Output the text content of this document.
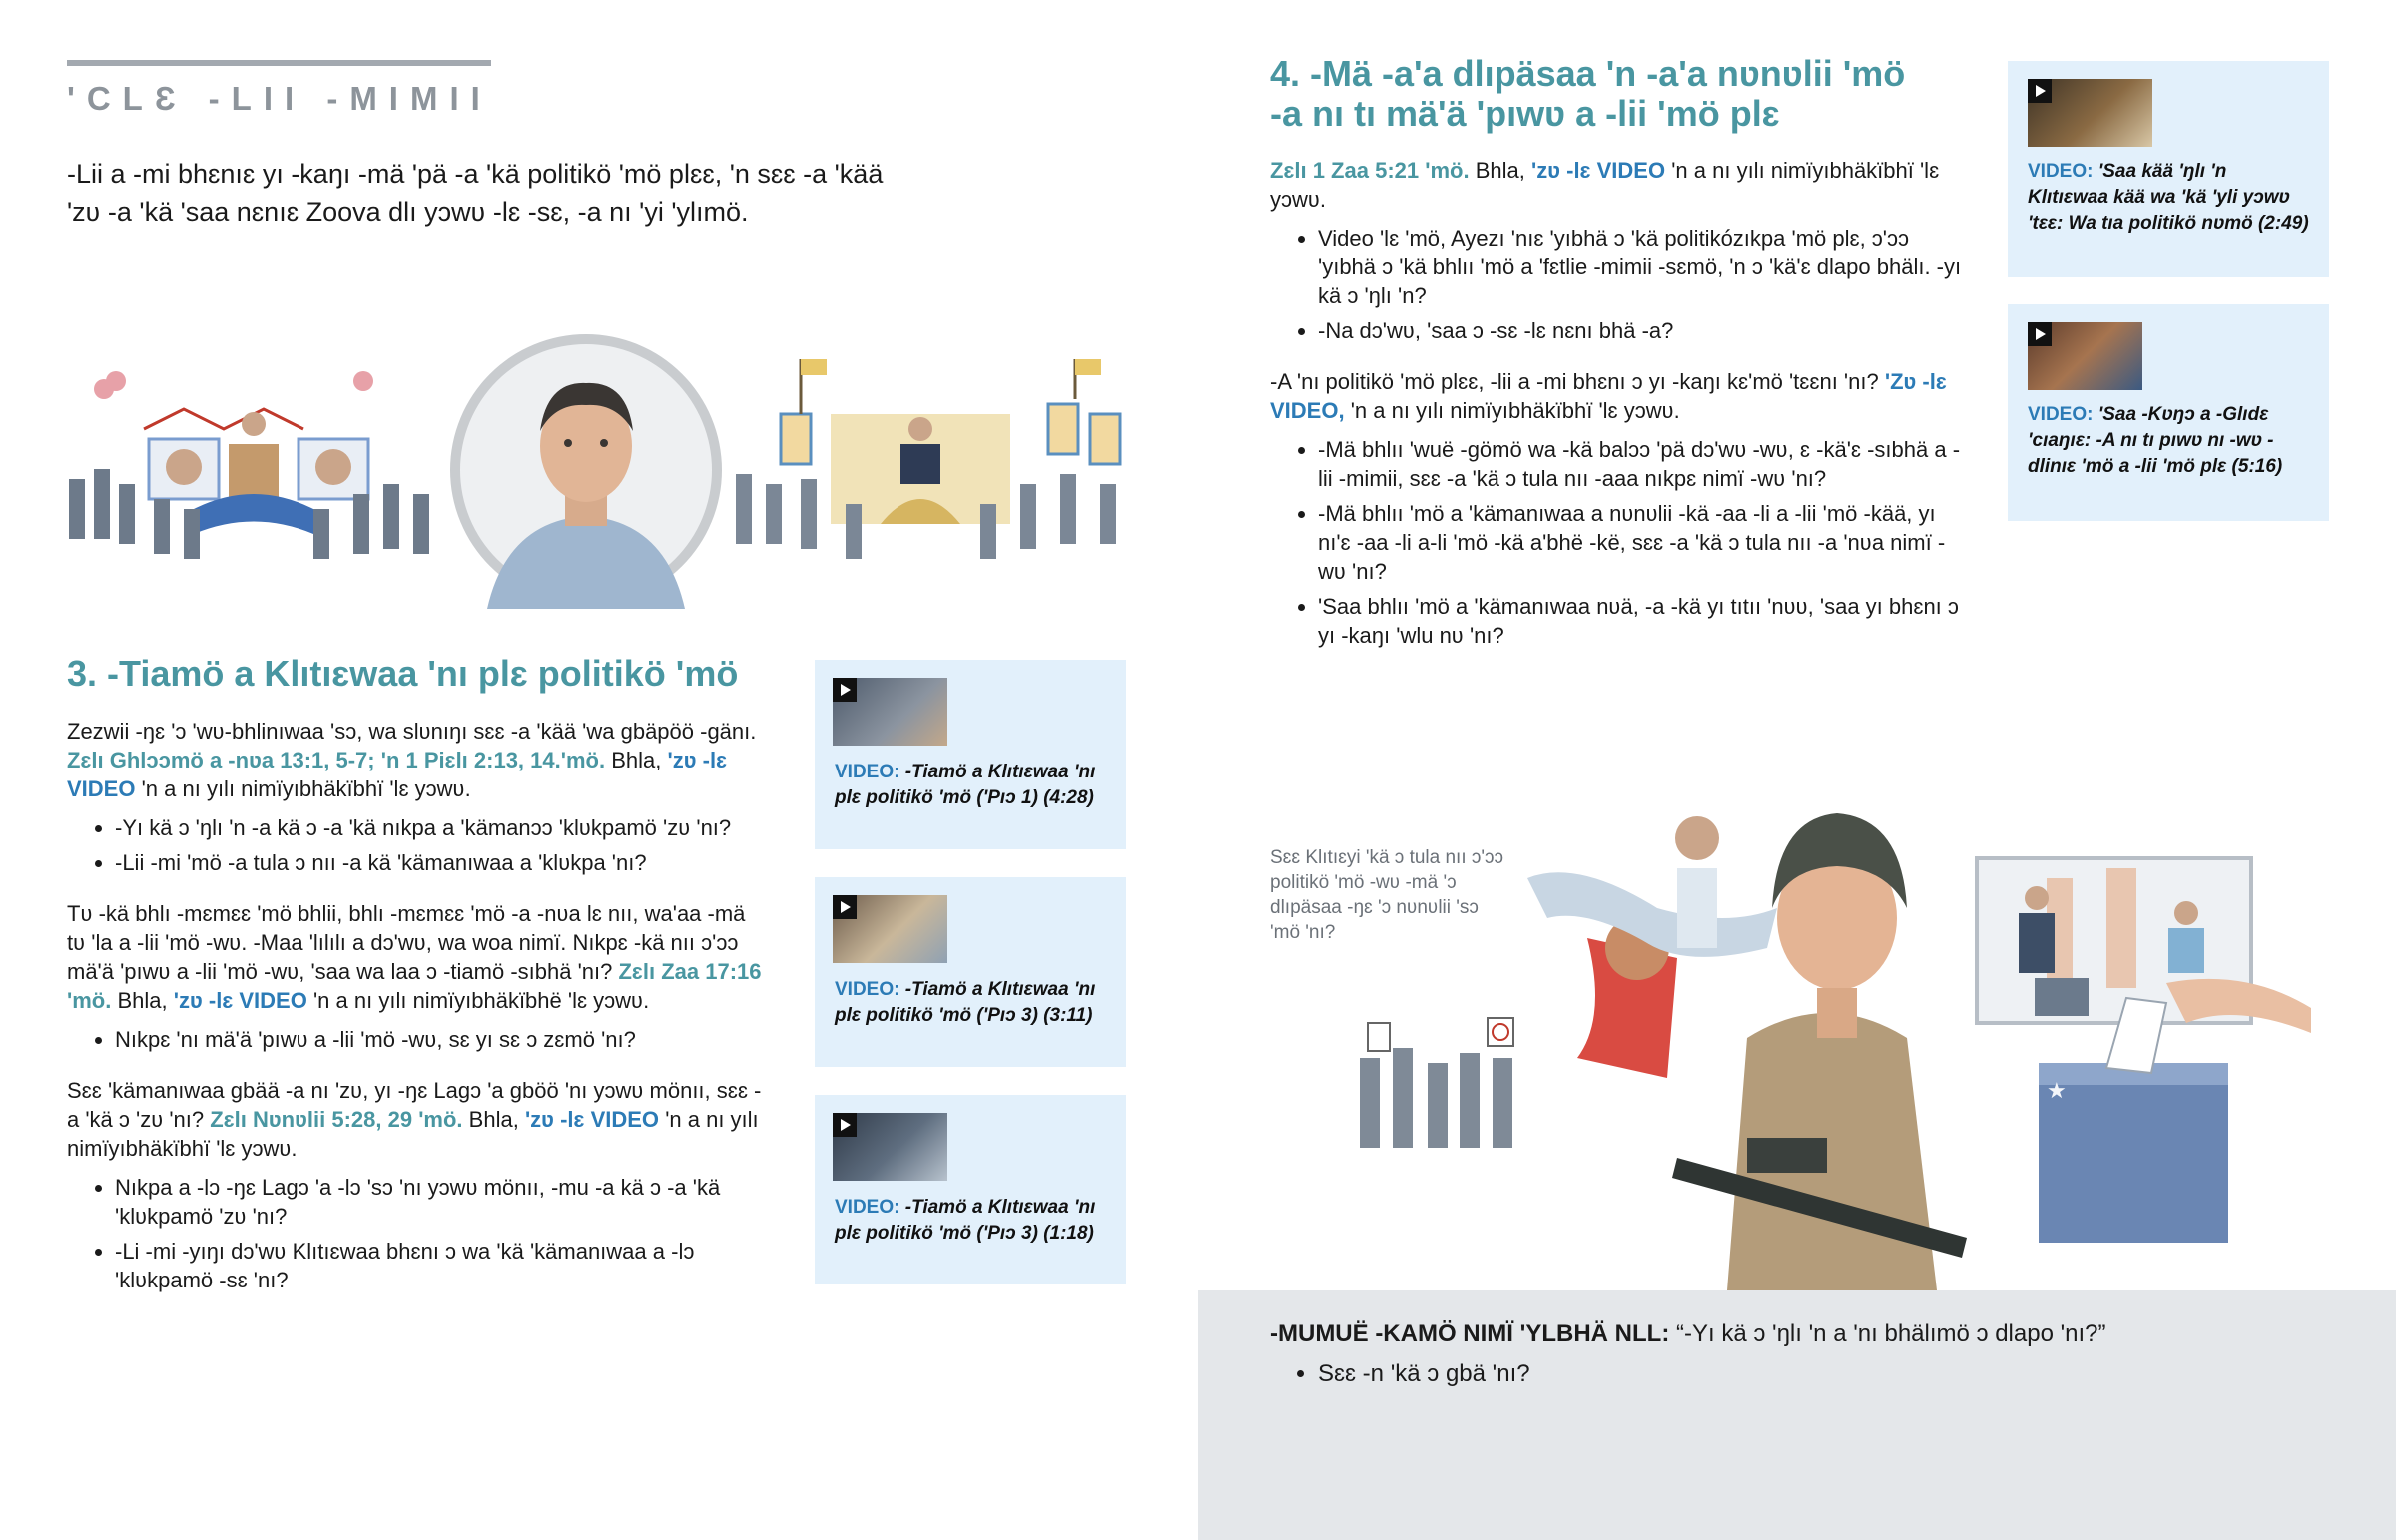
'CLƐ -LII -MIMII
-Lii a -mi bhɛnıɛ yı -kaŋı -mä 'pä -a 'kä politikö 'mö plɛɛ, 'n sɛɛ -a 'kää 'zʋ -a 'kä 'saa nɛnıɛ Zoova dlı yɔwʋ -lɛ -sɛ, -a nı 'yi 'ylımö.
3. -Tiamö a Klıtıɛwaa 'nı plɛ politikö 'mö
Zezwii -ŋɛ 'ɔ 'wʋ-bhlinıwaa 'sɔ, wa slʋnıŋı sɛɛ -a 'kää 'wa gbäpöö -gänı. Zɛlı Ghlɔɔmö a -nʋa 13:1, 5-7; 'n 1 Piɛlı 2:13, 14.'mö. Bhla, 'zʋ -lɛ VIDEO 'n a nı yılı nimïyıbhäkïbhï 'lɛ yɔwʋ.
• -Yı kä ɔ 'ŋlı 'n -a kä ɔ -a 'kä nıkpa a 'kämanɔɔ 'klʋkpamö 'zʋ 'nı?
• -Lii -mi 'mö -a tula ɔ nıı -a kä 'kämanıwaa a 'klʋkpa 'nı?
Tʋ -kä bhlı -mɛmɛɛ 'mö bhlii, bhlı -mɛmɛɛ 'mö -a -nʋa lɛ nıı, wa'aa -mä tʋ 'la a -lii 'mö -wʋ. -Maa 'lılılı a dɔ'wʋ, wa woa nimï. Nıkpɛ -kä nıı ɔ'ɔɔ mä'ä 'pıwʋ a -lii 'mö -wʋ, 'saa wa laa ɔ -tiamö -sıbhä 'nı? Zɛlı Zaa 17:16 'mö. Bhla, 'zʋ -lɛ VIDEO 'n a nı yılı nimïyıbhäkïbhë 'lɛ yɔwʋ.
• Nıkpɛ 'nı mä'ä 'pıwʋ a -lii 'mö -wʋ, sɛ yı sɛ ɔ zɛmö 'nı?
Sɛɛ 'kämanıwaa gbää -a nı 'zʋ, yı -ŋɛ Lagɔ 'a gböö 'nı yɔwʋ mönıı, sɛɛ -a 'kä ɔ 'zʋ 'nı? Zɛlı Nʋnʋlii 5:28, 29 'mö. Bhla, 'zʋ -lɛ VIDEO 'n a nı yılı nimïyıbhäkïbhï 'lɛ yɔwʋ.
• Nıkpa a -lɔ -ŋɛ Lagɔ 'a -lɔ 'sɔ 'nı yɔwʋ mönıı, -mu -a kä ɔ -a 'kä 'klʋkpamö 'zʋ 'nı?
• -Li -mi -yıŋı dɔ'wʋ Klıtıɛwaa bhɛnı ɔ wa 'kä 'kämanıwaa a -lɔ 'klʋkpamö -sɛ 'nı?
VIDEO: -Tiamö a Klıtıɛwaa 'nı plɛ politikö 'mö ('Pıɔ 1) (4:28)
VIDEO: -Tiamö a Klıtıɛwaa 'nı plɛ politikö 'mö ('Pıɔ 3) (3:11)
VIDEO: -Tiamö a Klıtıɛwaa 'nı plɛ politikö 'mö ('Pıɔ 3) (1:18)
4. -Mä -a'a dlıpäsaa 'n -a'a nʋnʋlii 'mö
-a nı tı mä'ä 'pıwʋ a -lii 'mö plɛ
Zɛlı 1 Zaa 5:21 'mö. Bhla, 'zʋ -lɛ VIDEO 'n a nı yılı nimïyıbhäkïbhï 'lɛ yɔwʋ.
• Video 'lɛ 'mö, Ayezı 'nıɛ 'yıbhä ɔ 'kä politikózıkpa 'mö plɛ, ɔ'ɔɔ 'yıbhä ɔ 'kä bhlıı 'mö a 'fɛtlie -mimii -sɛmö, 'n ɔ 'kä'ɛ dlapo bhälı. -yı kä ɔ 'ŋlı 'n?
• -Na dɔ'wʋ, 'saa ɔ -sɛ -lɛ nɛnı bhä -a?
-A 'nı politikö 'mö plɛɛ, -lii a -mi bhɛnı ɔ yı -kaŋı kɛ'mö 'tɛɛnı 'nı? 'Zʋ -lɛ VIDEO, 'n a nı yılı nimïyıbhäkïbhï 'lɛ yɔwʋ.
• -Mä bhlıı 'wuë -gömö wa -kä balɔɔ 'pä dɔ'wʋ -wʋ, ɛ -kä'ɛ -sıbhä a -lii -mimii, sɛɛ -a 'kä ɔ tula nıı -aaa nıkpɛ nimï -wʋ 'nı?
• -Mä bhlıı 'mö a 'kämanıwaa a nʋnʋlii -kä -aa -li a -lii 'mö -kää, yı nı'ɛ -aa -li a-li 'mö -kä a'bhë -kë, sɛɛ -a 'kä ɔ tula nıı -a 'nʋa nimï -wʋ 'nı?
• 'Saa bhlıı 'mö a 'kämanıwaa nʋä, -a -kä yı tıtıı 'nʋʋ, 'saa yı bhɛnı ɔ yı -kaŋı 'wlu nʋ 'nı?
VIDEO: 'Saa kää 'ŋlı 'n Klıtıɛwaa kää wa 'kä 'yli yɔwʋ 'tɛɛ: Wa tıa politikö nʋmö (2:49)
VIDEO: 'Saa -Kʋŋɔ a -Glıdɛ 'cıaŋıɛ: -A nı tı pıwʋ nı -wʋ -dlinıɛ 'mö a -lii 'mö plɛ (5:16)
★
Sɛɛ Klıtıɛyi 'kä ɔ tula nıı ɔ'ɔɔ politikö 'mö -wʋ -mä 'ɔ dlıpäsaa -ŋɛ 'ɔ nʋnʋlii 'sɔ 'mö 'nı?
-MUMUË -KAMÖ NIMÏ 'YLBHÄ NLL: “-Yı kä ɔ 'ŋlı 'n a 'nı bhälımö ɔ dlapo 'nı?”
• Sɛɛ -n 'kä ɔ gbä 'nı?
